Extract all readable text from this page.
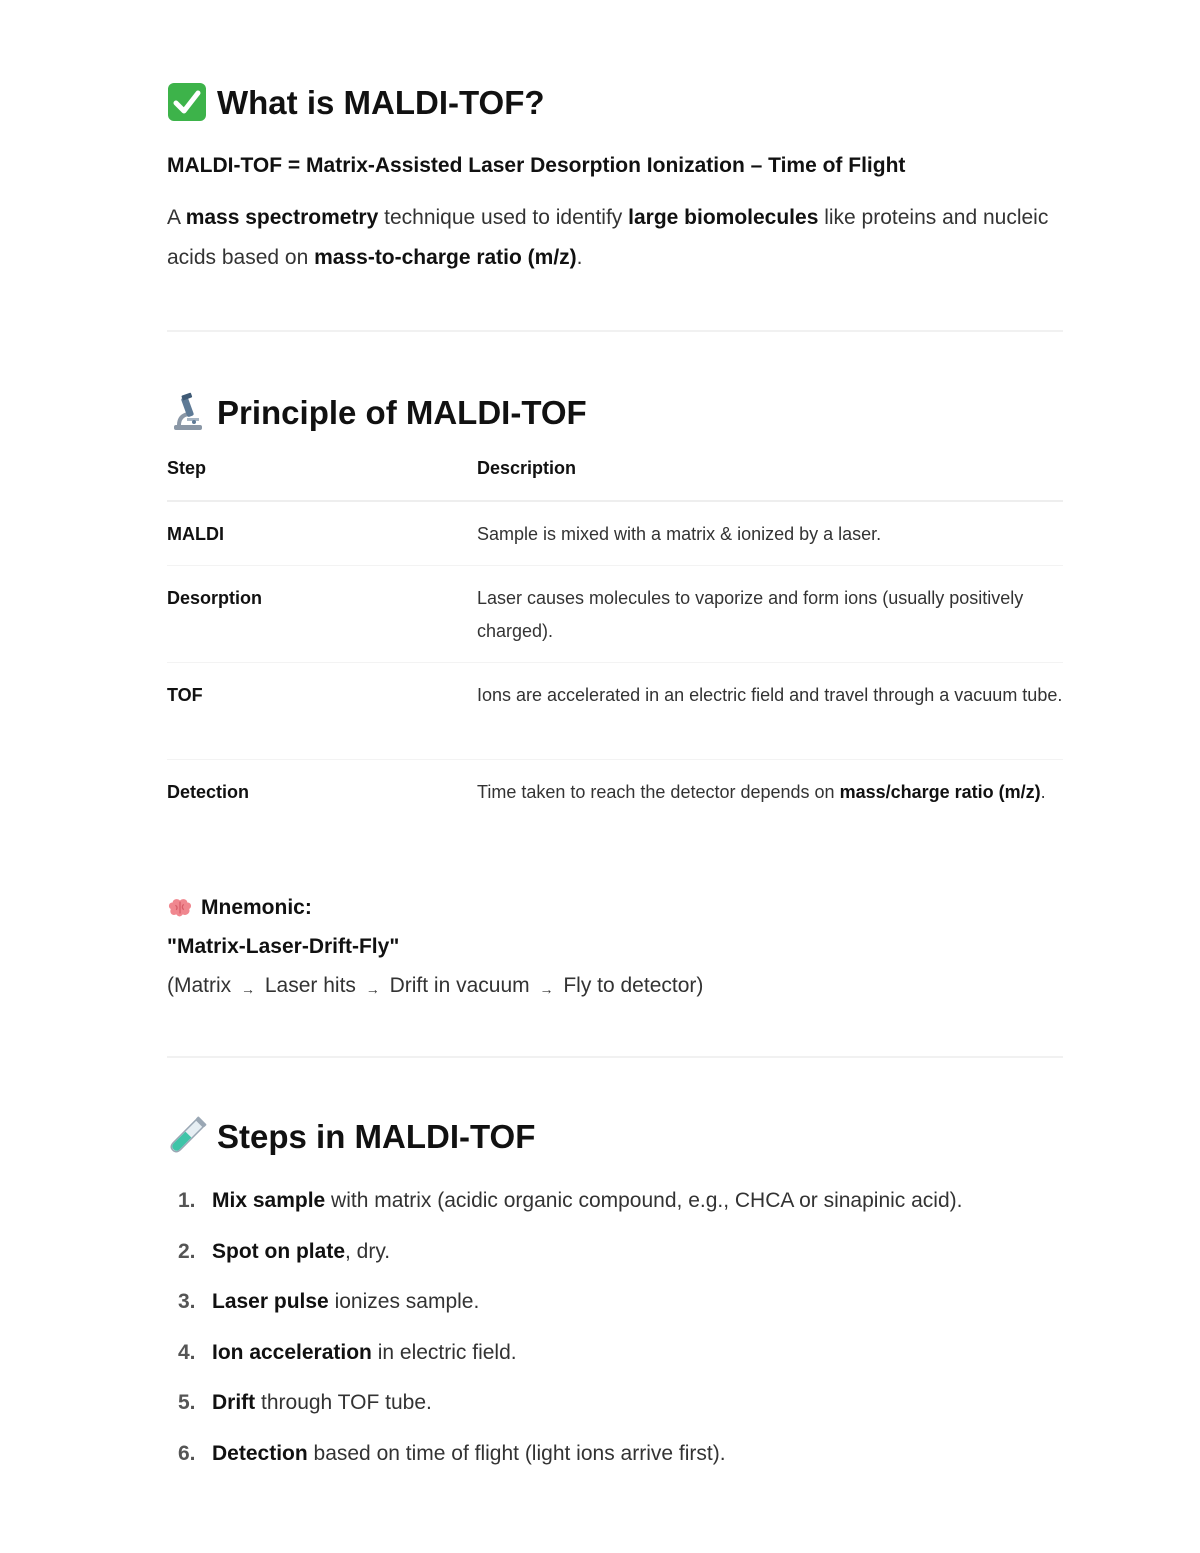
What is MALDI-TOF?

MALDI-TOF = Matrix-Assisted Laser Desorption Ionization – Time of Flight

A mass spectrometry technique used to identify large biomolecules like proteins and nucleic acids based on mass-to-charge ratio (m/z).

Principle of MALDI-TOF
Step	Description
MALDI	Sample is mixed with a matrix & ionized by a laser.
Desorption	Laser causes molecules to vaporize and form ions (usually positively charged).
TOF	Ions are accelerated in an electric field and travel through a vacuum tube.
Detection	Time taken to reach the detector depends on mass/charge ratio (m/z).
Mnemonic:
"Matrix-Laser-Drift-Fly"
(Matrix → Laser hits → Drift in vacuum → Fly to detector)
Steps in MALDI-TOF
1. Mix sample with matrix (acidic organic compound, e.g., CHCA or sinapinic acid).
2. Spot on plate, dry.
3. Laser pulse ionizes sample.
4. Ion acceleration in electric field.
5. Drift through TOF tube.
6. Detection based on time of flight (light ions arrive first).
